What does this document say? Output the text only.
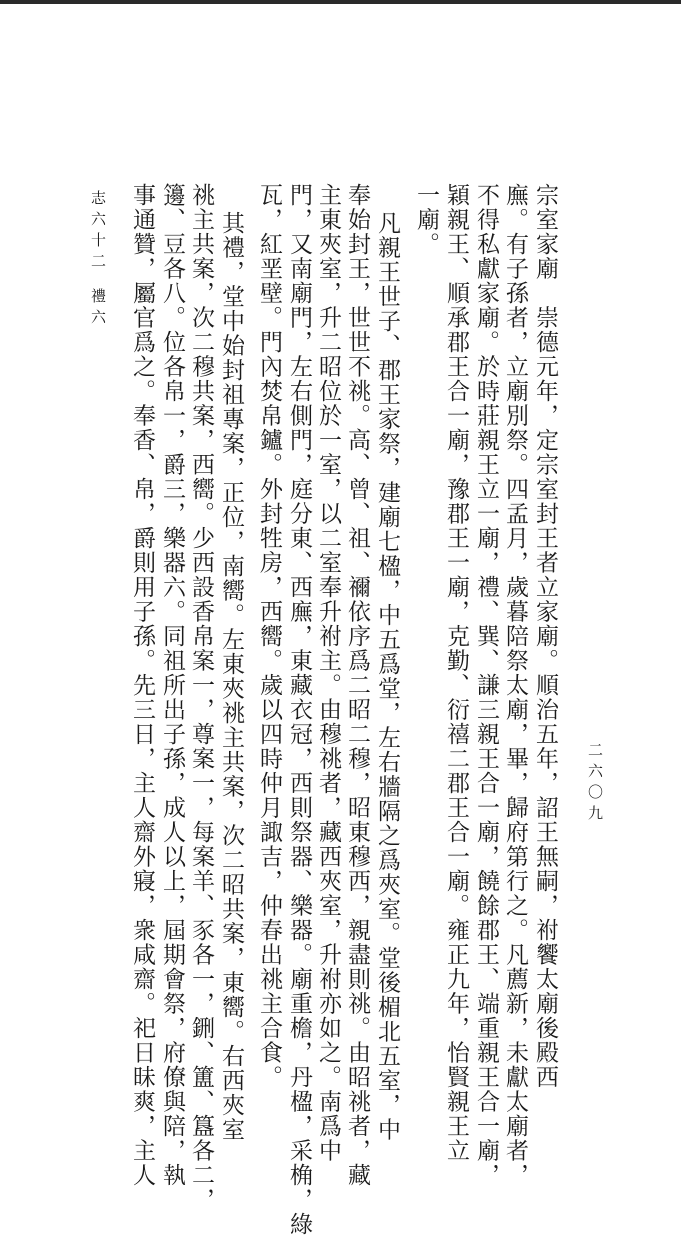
志六十二
禮六
二六〇九
宗室家廟　崇德元年，定宗室封王者立家廟。順治五年，詔王無嗣，祔饗太廟後殿西
廡。有子孫者，立廟別祭。四孟月，歲暮陪祭太廟，畢，歸府第行之。凡薦新，未獻太廟者，
不得私獻家廟。於時莊親王立一廟，禮、巽、謙三親王合一廟，饒餘郡王、端重親王合一廟，
穎親王、順承郡王合一廟，豫郡王一廟，克勤、衍禧二郡王合一廟。雍正九年，怡賢親王立
一廟。
凡親王世子、郡王家祭，建廟七楹，中五爲堂，左右牆隔之爲夾室。堂後楣北五室，中
奉始封王，世世不祧。高、曾、祖、禰依序爲二昭二穆，昭東穆西，親盡則祧。由昭祧者，藏
主東夾室，升二昭位於一室，以二室奉升祔主。由穆祧者，藏西夾室，升祔亦如之。南爲中
門，又南廟門，左右側門，庭分東、西廡，東藏衣冠，西則祭器、樂器。廟重檐，丹楹，采桷，綠
瓦，紅垩壁。門內焚帛鑪。外封牲房，西嚮。歲以四時仲月諏吉，仲春出祧主合食。
其禮，堂中始封祖專案，正位，南嚮。左東夾祧主共案，次二昭共案，東嚮。右西夾室
祧主共案，次二穆共案，西嚮。少西設香帛案一，尊案一，每案羊、豕各一，鉶、簠、簋各二，
籩、豆各八。位各帛一，爵三，樂器六。同祖所出子孫，成人以上，屆期會祭，府僚與陪，執
事通贊，屬官爲之。奉香、帛，爵則用子孫。先三日，主人齋外寢，衆咸齋。祀日昧爽，主人
